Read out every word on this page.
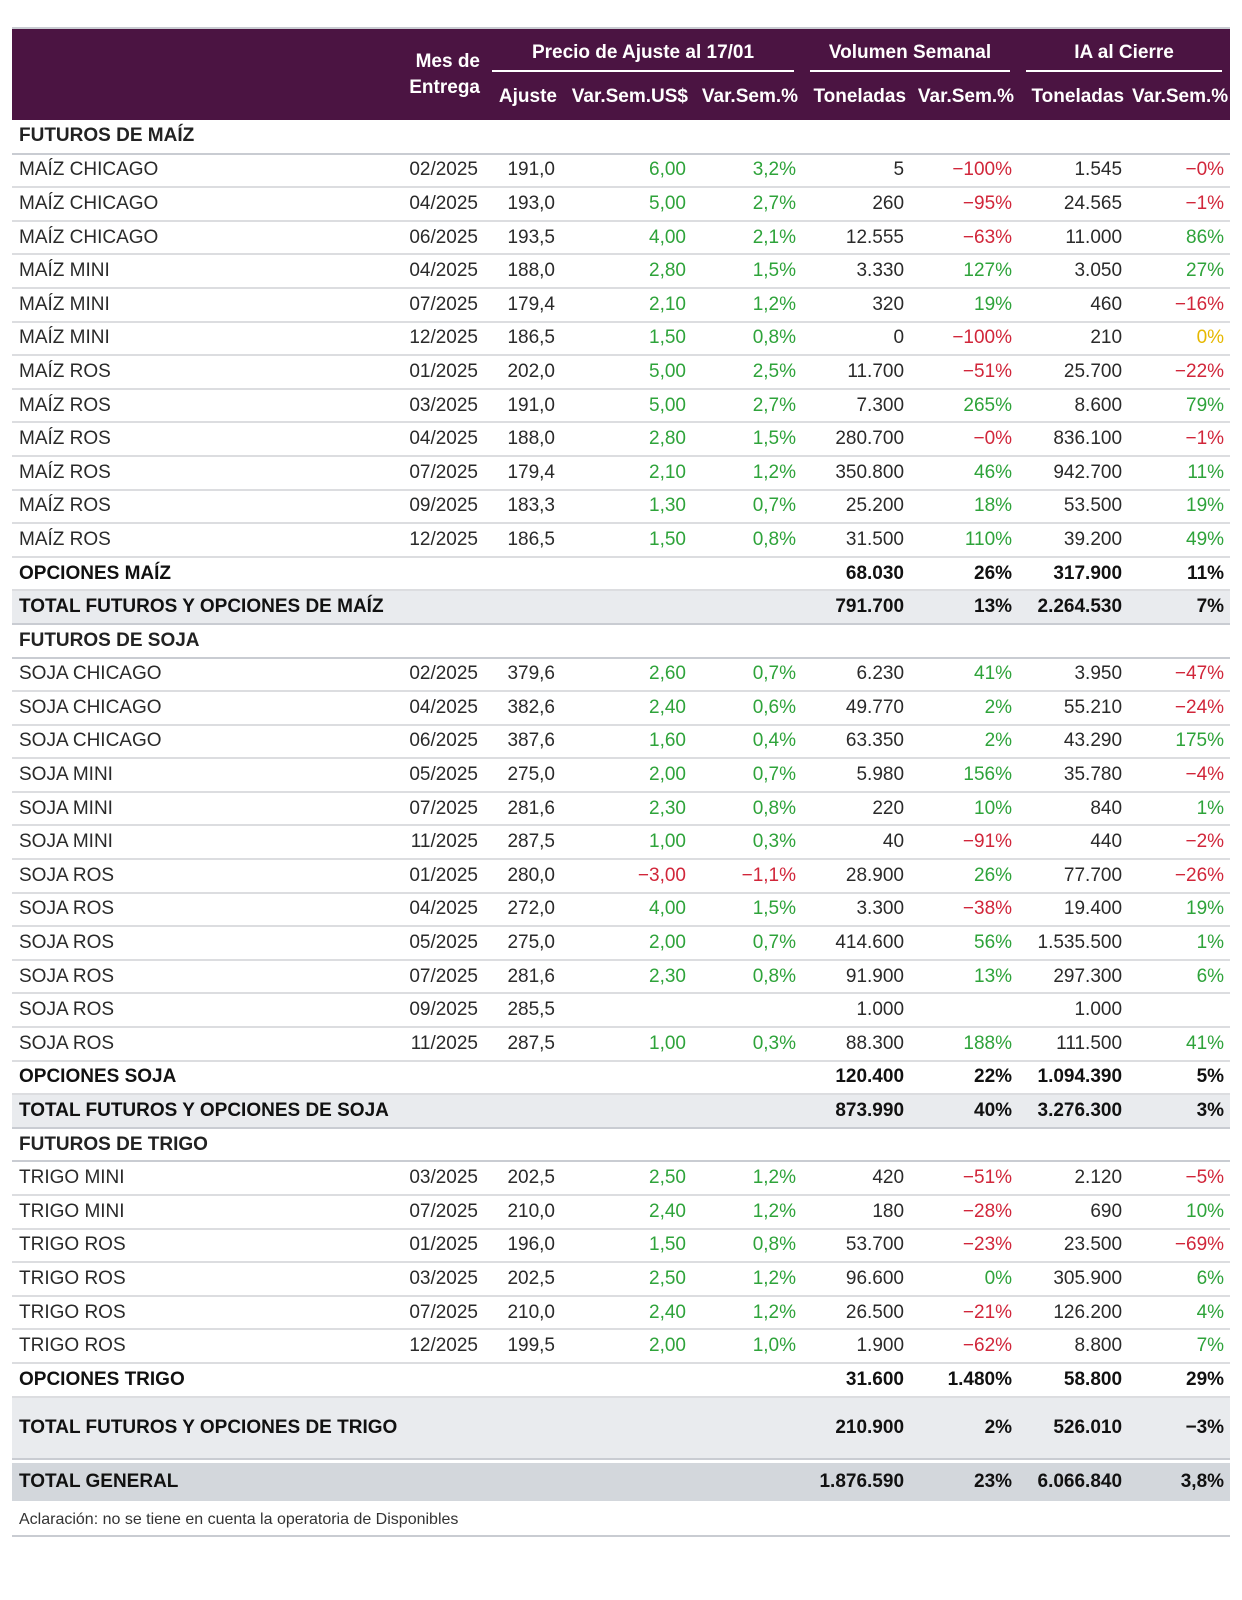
	Mes de
Entrega	Precio de Ajuste al 17/01			Volumen Semanal		IA al Cierre	

		Ajuste	Var.Sem.US$	Var.Sem.%	Toneladas	Var.Sem.%	Toneladas	Var.Sem.%
FUTUROS DE MAÍZ								
MAÍZ CHICAGO	02/2025	191,0	6,00	3,2%	5	−100%	1.545	−0%
MAÍZ CHICAGO	04/2025	193,0	5,00	2,7%	260	−95%	24.565	−1%
MAÍZ CHICAGO	06/2025	193,5	4,00	2,1%	12.555	−63%	11.000	86%
MAÍZ MINI	04/2025	188,0	2,80	1,5%	3.330	127%	3.050	27%
MAÍZ MINI	07/2025	179,4	2,10	1,2%	320	19%	460	−16%
MAÍZ MINI	12/2025	186,5	1,50	0,8%	0	−100%	210	0%
MAÍZ ROS	01/2025	202,0	5,00	2,5%	11.700	−51%	25.700	−22%
MAÍZ ROS	03/2025	191,0	5,00	2,7%	7.300	265%	8.600	79%
MAÍZ ROS	04/2025	188,0	2,80	1,5%	280.700	−0%	836.100	−1%
MAÍZ ROS	07/2025	179,4	2,10	1,2%	350.800	46%	942.700	11%
MAÍZ ROS	09/2025	183,3	1,30	0,7%	25.200	18%	53.500	19%
MAÍZ ROS	12/2025	186,5	1,50	0,8%	31.500	110%	39.200	49%
OPCIONES MAÍZ					68.030	26%	317.900	11%
TOTAL FUTUROS Y OPCIONES DE MAÍZ					791.700	13%	2.264.530	7%
FUTUROS DE SOJA								
SOJA CHICAGO	02/2025	379,6	2,60	0,7%	6.230	41%	3.950	−47%
SOJA CHICAGO	04/2025	382,6	2,40	0,6%	49.770	2%	55.210	−24%
SOJA CHICAGO	06/2025	387,6	1,60	0,4%	63.350	2%	43.290	175%
SOJA MINI	05/2025	275,0	2,00	0,7%	5.980	156%	35.780	−4%
SOJA MINI	07/2025	281,6	2,30	0,8%	220	10%	840	1%
SOJA MINI	11/2025	287,5	1,00	0,3%	40	−91%	440	−2%
SOJA ROS	01/2025	280,0	−3,00	−1,1%	28.900	26%	77.700	−26%
SOJA ROS	04/2025	272,0	4,00	1,5%	3.300	−38%	19.400	19%
SOJA ROS	05/2025	275,0	2,00	0,7%	414.600	56%	1.535.500	1%
SOJA ROS	07/2025	281,6	2,30	0,8%	91.900	13%	297.300	6%
SOJA ROS	09/2025	285,5			1.000		1.000	
SOJA ROS	11/2025	287,5	1,00	0,3%	88.300	188%	111.500	41%
OPCIONES SOJA					120.400	22%	1.094.390	5%
TOTAL FUTUROS Y OPCIONES DE SOJA					873.990	40%	3.276.300	3%
FUTUROS DE TRIGO								
TRIGO MINI	03/2025	202,5	2,50	1,2%	420	−51%	2.120	−5%
TRIGO MINI	07/2025	210,0	2,40	1,2%	180	−28%	690	10%
TRIGO ROS	01/2025	196,0	1,50	0,8%	53.700	−23%	23.500	−69%
TRIGO ROS	03/2025	202,5	2,50	1,2%	96.600	0%	305.900	6%
TRIGO ROS	07/2025	210,0	2,40	1,2%	26.500	−21%	126.200	4%
TRIGO ROS	12/2025	199,5	2,00	1,0%	1.900	−62%	8.800	7%
OPCIONES TRIGO					31.600	1.480%	58.800	29%
TOTAL FUTUROS Y OPCIONES DE TRIGO					210.900	2%	526.010	−3%

TOTAL GENERAL					1.876.590	23%	6.066.840	3,8%
Aclaración: no se tiene en cuenta la operatoria de Disponibles
